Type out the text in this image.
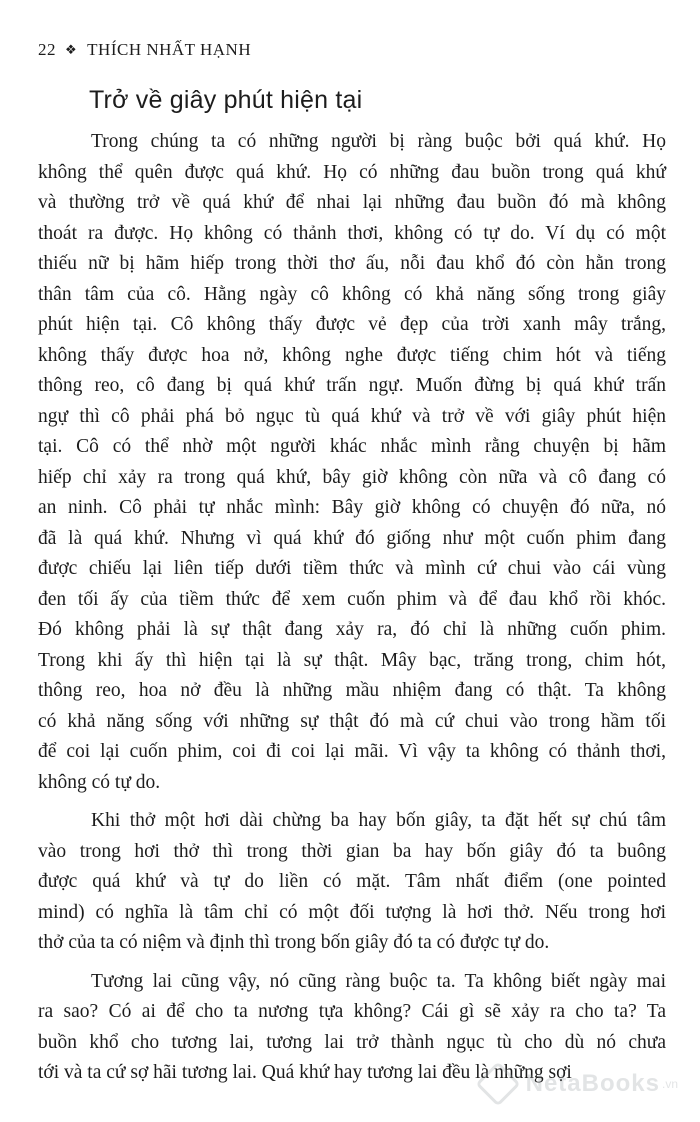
22 ❖ THÍCH NHẤT HẠNH
Trở về giây phút hiện tại

Trong chúng ta có những người bị ràng buộc bởi quá khứ. Họ
không thể quên được quá khứ. Họ có những đau buồn trong quá khứ
và thường trở về quá khứ để nhai lại những đau buồn đó mà không
thoát ra được. Họ không có thảnh thơi, không có tự do. Ví dụ có một
thiếu nữ bị hãm hiếp trong thời thơ ấu, nỗi đau khổ đó còn hằn trong
thân tâm của cô. Hằng ngày cô không có khả năng sống trong giây
phút hiện tại. Cô không thấy được vẻ đẹp của trời xanh mây trắng,
không thấy được hoa nở, không nghe được tiếng chim hót và tiếng
thông reo, cô đang bị quá khứ trấn ngự. Muốn đừng bị quá khứ trấn
ngự thì cô phải phá bỏ ngục tù quá khứ và trở về với giây phút hiện
tại. Cô có thể nhờ một người khác nhắc mình rằng chuyện bị hãm
hiếp chỉ xảy ra trong quá khứ, bây giờ không còn nữa và cô đang có
an ninh. Cô phải tự nhắc mình: Bây giờ không có chuyện đó nữa, nó
đã là quá khứ. Nhưng vì quá khứ đó giống như một cuốn phim đang
được chiếu lại liên tiếp dưới tiềm thức và mình cứ chui vào cái vùng
đen tối ấy của tiềm thức để xem cuốn phim và để đau khổ rồi khóc.
Đó không phải là sự thật đang xảy ra, đó chỉ là những cuốn phim.
Trong khi ấy thì hiện tại là sự thật. Mây bạc, trăng trong, chim hót,
thông reo, hoa nở đều là những mầu nhiệm đang có thật. Ta không
có khả năng sống với những sự thật đó mà cứ chui vào trong hầm tối
để coi lại cuốn phim, coi đi coi lại mãi. Vì vậy ta không có thảnh thơi,
không có tự do.

Khi thở một hơi dài chừng ba hay bốn giây, ta đặt hết sự chú tâm
vào trong hơi thở thì trong thời gian ba hay bốn giây đó ta buông
được quá khứ và tự do liền có mặt. Tâm nhất điểm (one pointed
mind) có nghĩa là tâm chỉ có một đối tượng là hơi thở. Nếu trong hơi
thở của ta có niệm và định thì trong bốn giây đó ta có được tự do.

Tương lai cũng vậy, nó cũng ràng buộc ta. Ta không biết ngày mai
ra sao? Có ai để cho ta nương tựa không? Cái gì sẽ xảy ra cho ta? Ta
buồn khổ cho tương lai, tương lai trở thành ngục tù cho dù nó chưa
tới và ta cứ sợ hãi tương lai. Quá khứ hay tương lai đều là những sợi

NetaBooks .vn
